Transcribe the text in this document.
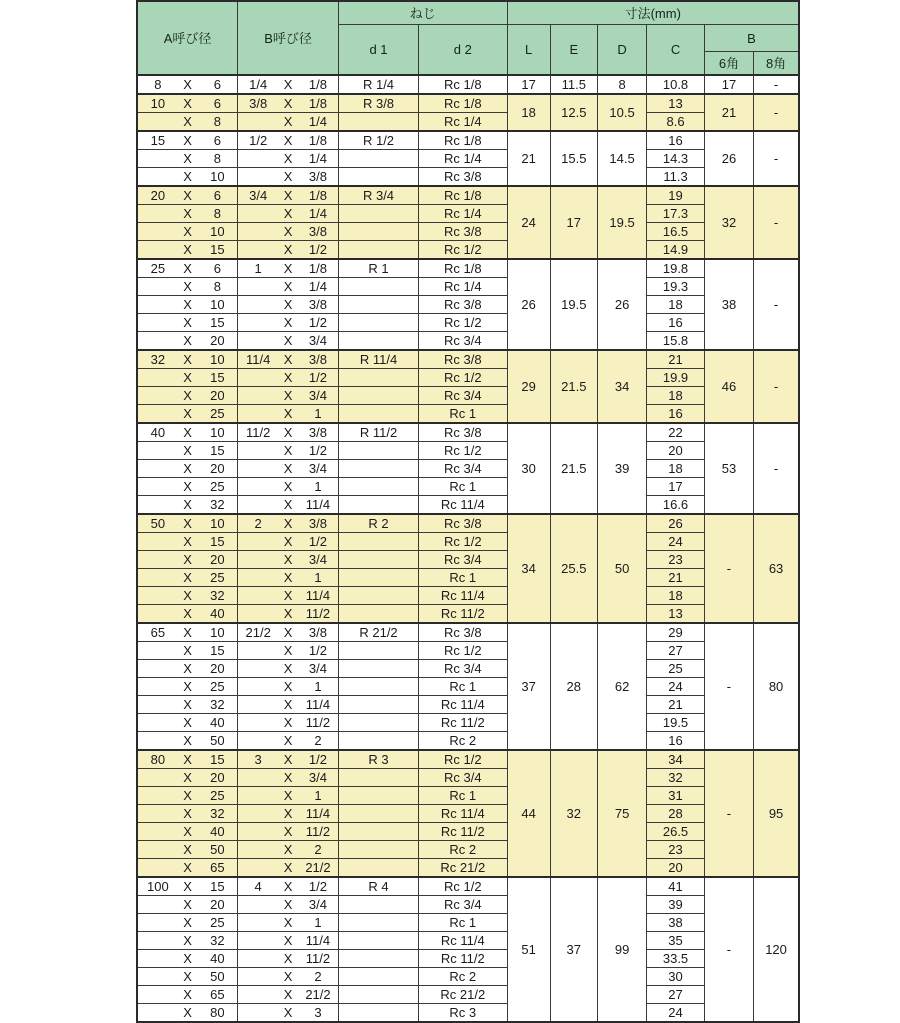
A呼び径	B呼び径	ねじ		寸法(mm)					
		d 1	d 2	L	E	D	C	B	
								6角	8角

8 X 6	1/4 X 1/8	R 1/4	Rc 1/8	17	11.5	8	10.8	17	-

10 X 6	3/8 X 1/8	R 3/8	Rc 1/8	18	12.5	10.5	13	21	-

X 8	X 1/4		Rc 1/4				8.6		

15 X 6	1/2 X 1/8	R 1/2	Rc 1/8	21	15.5	14.5	16	26	-

X 8	X 1/4		Rc 1/4				14.3		

X 10	X 3/8		Rc 3/8				11.3		

20 X 6	3/4 X 1/8	R 3/4	Rc 1/8	24	17	19.5	19	32	-

X 8	X 1/4		Rc 1/4				17.3		

X 10	X 3/8		Rc 3/8				16.5		

X 15	X 1/2		Rc 1/2				14.9		

25 X 6	1 X 1/8	R 1	Rc 1/8	26	19.5	26	19.8	38	-

X 8	X 1/4		Rc 1/4				19.3		

X 10	X 3/8		Rc 3/8				18		

X 15	X 1/2		Rc 1/2				16		

X 20	X 3/4		Rc 3/4				15.8		

32 X 10	11/4 X 3/8	R 11/4	Rc 3/8	29	21.5	34	21	46	-

X 15	X 1/2		Rc 1/2				19.9		

X 20	X 3/4		Rc 3/4				18		

X 25	X 1		Rc 1				16		

40 X 10	11/2 X 3/8	R 11/2	Rc 3/8	30	21.5	39	22	53	-

X 15	X 1/2		Rc 1/2				20		

X 20	X 3/4		Rc 3/4				18		

X 25	X 1		Rc 1				17		

X 32	X 11/4		Rc 11/4				16.6		

50 X 10	2 X 3/8	R 2	Rc 3/8	34	25.5	50	26	-	63

X 15	X 1/2		Rc 1/2				24		

X 20	X 3/4		Rc 3/4				23		

X 25	X 1		Rc 1				21		

X 32	X 11/4		Rc 11/4				18		

X 40	X 11/2		Rc 11/2				13		

65 X 10	21/2 X 3/8	R 21/2	Rc 3/8	37	28	62	29	-	80

X 15	X 1/2		Rc 1/2				27		

X 20	X 3/4		Rc 3/4				25		

X 25	X 1		Rc 1				24		

X 32	X 11/4		Rc 11/4				21		

X 40	X 11/2		Rc 11/2				19.5		

X 50	X 2		Rc 2				16		

80 X 15	3 X 1/2	R 3	Rc 1/2	44	32	75	34	-	95

X 20	X 3/4		Rc 3/4				32		

X 25	X 1		Rc 1				31		

X 32	X 11/4		Rc 11/4				28		

X 40	X 11/2		Rc 11/2				26.5		

X 50	X 2		Rc 2				23		

X 65	X 21/2		Rc 21/2				20		

100 X 15	4 X 1/2	R 4	Rc 1/2	51	37	99	41	-	120

X 20	X 3/4		Rc 3/4				39		

X 25	X 1		Rc 1				38		

X 32	X 11/4		Rc 11/4				35		

X 40	X 11/2		Rc 11/2				33.5		

X 50	X 2		Rc 2				30		

X 65	X 21/2		Rc 21/2				27		

X 80	X 3		Rc 3				24		
